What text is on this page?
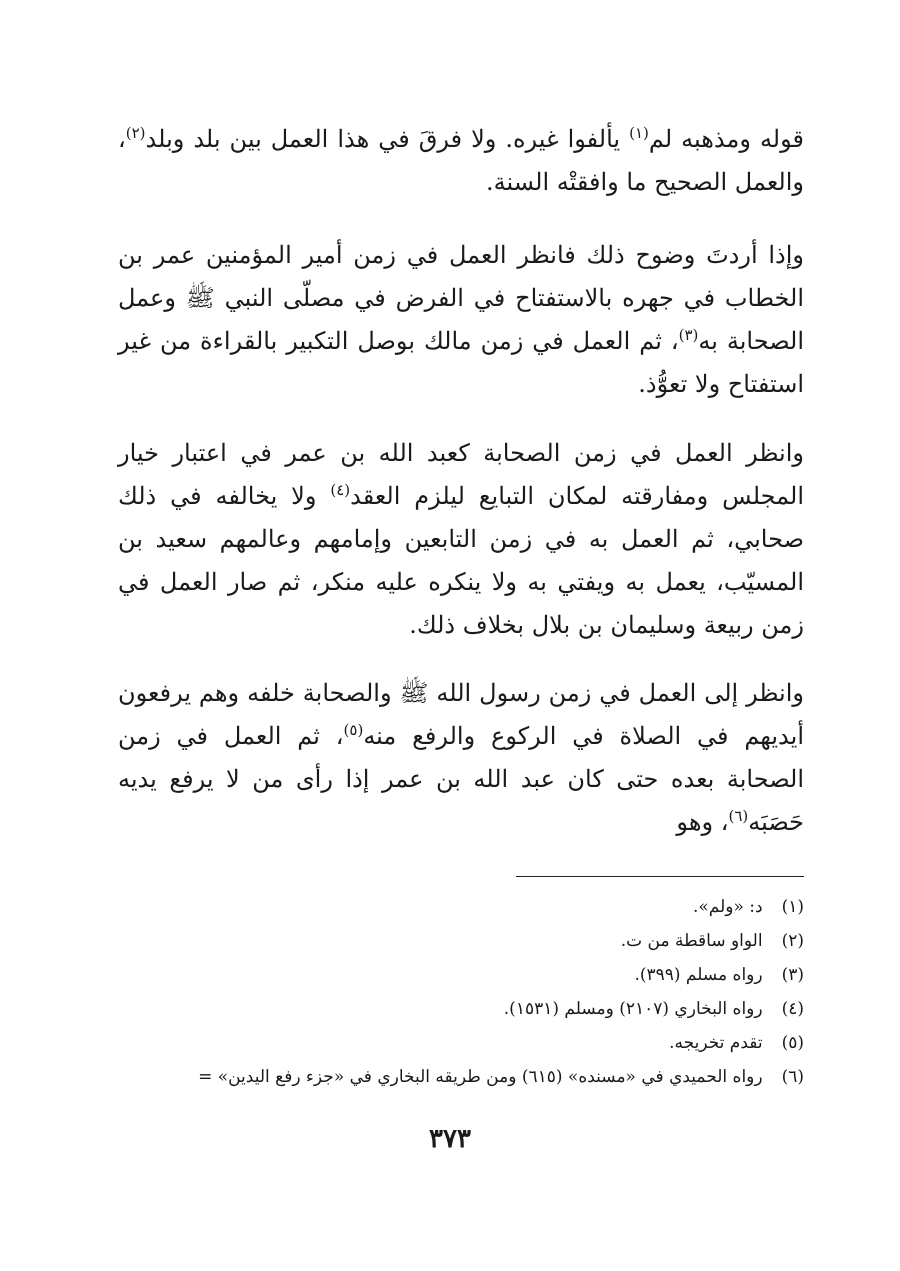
قوله ومذهبه لم$^{(١)}$ يألفوا غيره. ولا فرقَ في هذا العمل بين بلد وبلد$^{(٢)}$، والعمل الصحيح ما وافقتْه السنة.

وإذا أردتَ وضوح ذلك فانظر العمل في زمن أمير المؤمنين عمر بن الخطاب في جهره بالاستفتاح في الفرض في مصلّى النبي ﷺ وعمل الصحابة به$^{(٣)}$، ثم العمل في زمن مالك بوصل التكبير بالقراءة من غير استفتاح ولا تعوُّذ.

وانظر العمل في زمن الصحابة كعبد الله بن عمر في اعتبار خيار المجلس ومفارقته لمكان التبايع ليلزم العقد$^{(٤)}$ ولا يخالفه في ذلك صحابي، ثم العمل به في زمن التابعين وإمامهم وعالمهم سعيد بن المسيّب، يعمل به ويفتي به ولا ينكره عليه منكر، ثم صار العمل في زمن ربيعة وسليمان بن بلال بخلاف ذلك.

وانظر إلى العمل في زمن رسول الله ﷺ والصحابة خلفه وهم يرفعون أيديهم في الصلاة في الركوع والرفع منه$^{(٥)}$، ثم العمل في زمن الصحابة بعده حتى كان عبد الله بن عمر إذا رأى من لا يرفع يديه حَصَبَه$^{(٦)}$، وهو

(١) د: «ولم».

(٢) الواو ساقطة من ت.

(٣) رواه مسلم (٣٩٩).

(٤) رواه البخاري (٢١٠٧) ومسلم (١٥٣١).

(٥) تقدم تخريجه.

(٦) رواه الحميدي في «مسنده» (٦١٥) ومن طريقه البخاري في «جزء رفع اليدين» =

٣٧٣
